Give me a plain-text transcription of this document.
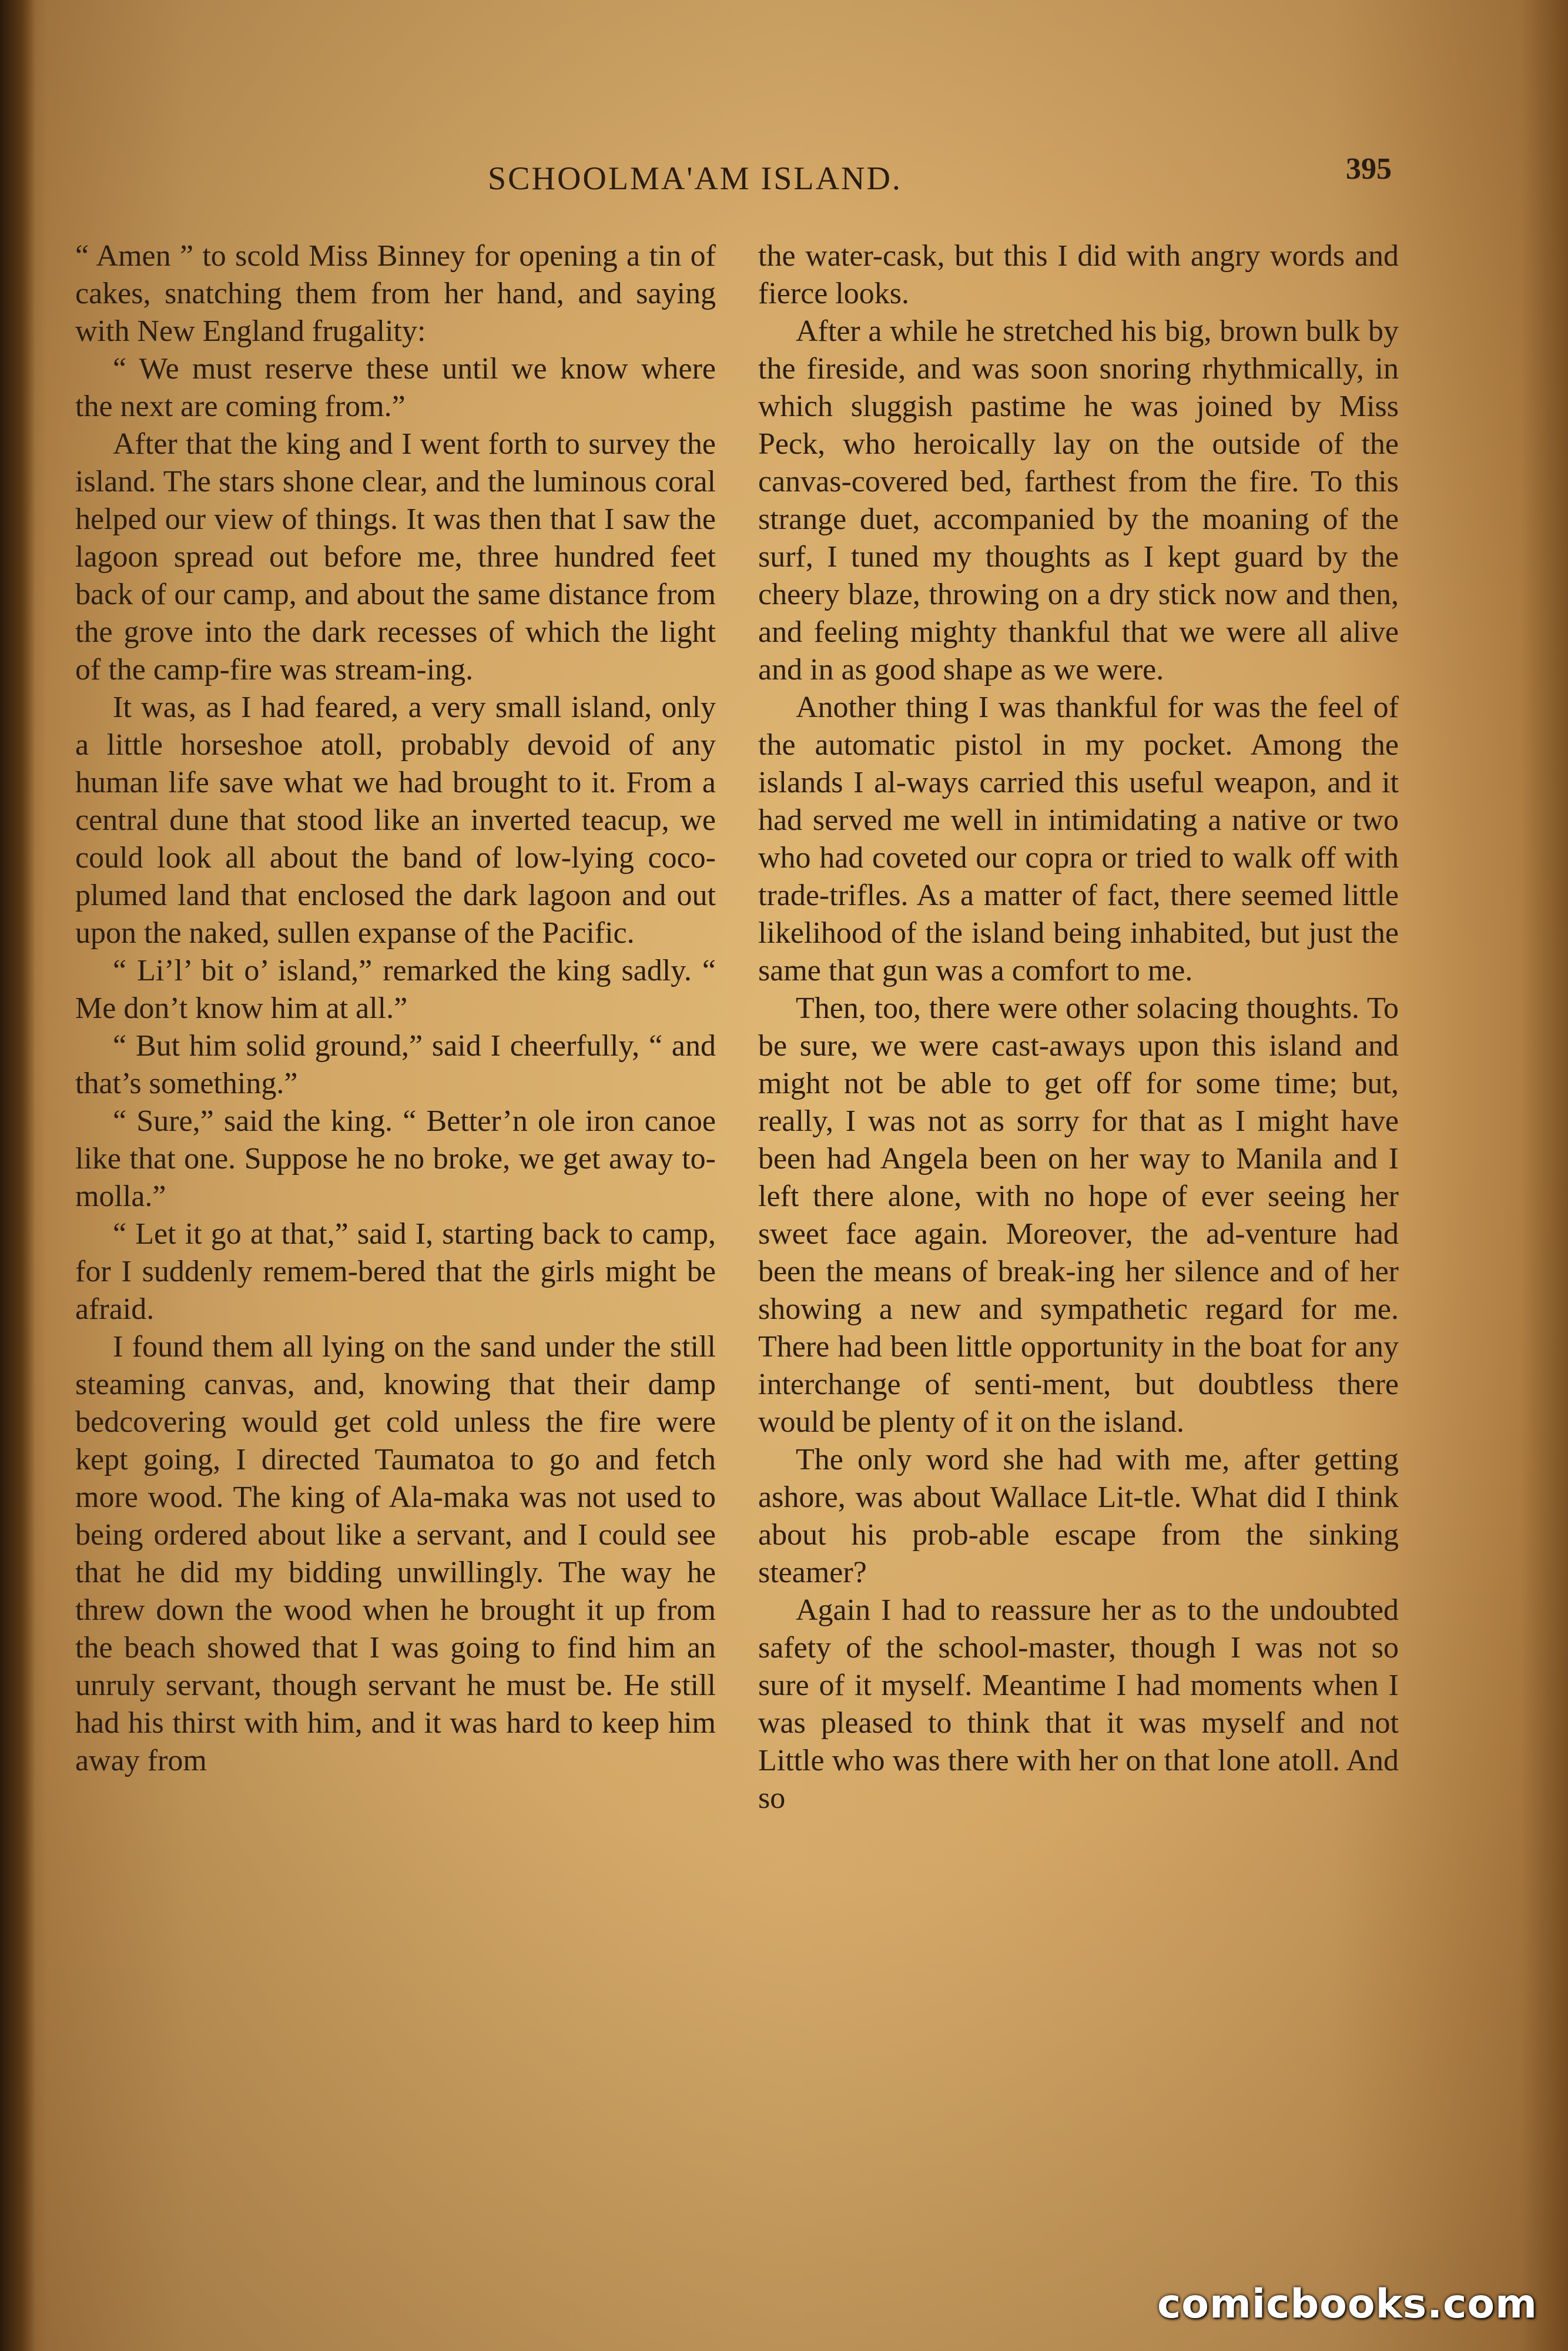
SCHOOLMA'AM ISLAND.	395

“ Amen ” to scold Miss Binney for opening a tin of cakes, snatching them from her hand, and saying with New England frugality:

“ We must reserve these until we know where the next are coming from.”

After that the king and I went forth to survey the island. The stars shone clear, and the luminous coral helped our view of things. It was then that I saw the lagoon spread out before me, three hundred feet back of our camp, and about the same distance from the grove into the dark recesses of which the light of the camp-fire was stream-ing.

It was, as I had feared, a very small island, only a little horseshoe atoll, probably devoid of any human life save what we had brought to it. From a central dune that stood like an inverted teacup, we could look all about the band of low-lying coco-plumed land that enclosed the dark lagoon and out upon the naked, sullen expanse of the Pacific.

“ Li’l’ bit o’ island,” remarked the king sadly. “ Me don’t know him at all.”

“ But him solid ground,” said I cheerfully, “ and that’s something.”

“ Sure,” said the king. “ Better’n ole iron canoe like that one. Suppose he no broke, we get away to-molla.”

“ Let it go at that,” said I, starting back to camp, for I suddenly remem-bered that the girls might be afraid.

I found them all lying on the sand under the still steaming canvas, and, knowing that their damp bedcovering would get cold unless the fire were kept going, I directed Taumatoa to go and fetch more wood. The king of Ala-maka was not used to being ordered about like a servant, and I could see that he did my bidding unwillingly. The way he threw down the wood when he brought it up from the beach showed that I was going to find him an unruly servant, though servant he must be. He still had his thirst with him, and it was hard to keep him away from

the water-cask, but this I did with angry words and fierce looks.

After a while he stretched his big, brown bulk by the fireside, and was soon snoring rhythmically, in which sluggish pastime he was joined by Miss Peck, who heroically lay on the outside of the canvas-covered bed, farthest from the fire. To this strange duet, accompanied by the moaning of the surf, I tuned my thoughts as I kept guard by the cheery blaze, throwing on a dry stick now and then, and feeling mighty thankful that we were all alive and in as good shape as we were.

Another thing I was thankful for was the feel of the automatic pistol in my pocket. Among the islands I al-ways carried this useful weapon, and it had served me well in intimidating a native or two who had coveted our copra or tried to walk off with trade-trifles. As a matter of fact, there seemed little likelihood of the island being inhabited, but just the same that gun was a comfort to me.

Then, too, there were other solacing thoughts. To be sure, we were cast-aways upon this island and might not be able to get off for some time; but, really, I was not as sorry for that as I might have been had Angela been on her way to Manila and I left there alone, with no hope of ever seeing her sweet face again. Moreover, the ad-venture had been the means of break-ing her silence and of her showing a new and sympathetic regard for me. There had been little opportunity in the boat for any interchange of senti-ment, but doubtless there would be plenty of it on the island.

The only word she had with me, after getting ashore, was about Wallace Lit-tle. What did I think about his prob-able escape from the sinking steamer?

Again I had to reassure her as to the undoubted safety of the school-master, though I was not so sure of it myself. Meantime I had moments when I was pleased to think that it was myself and not Little who was there with her on that lone atoll. And so

comicbooks.com
